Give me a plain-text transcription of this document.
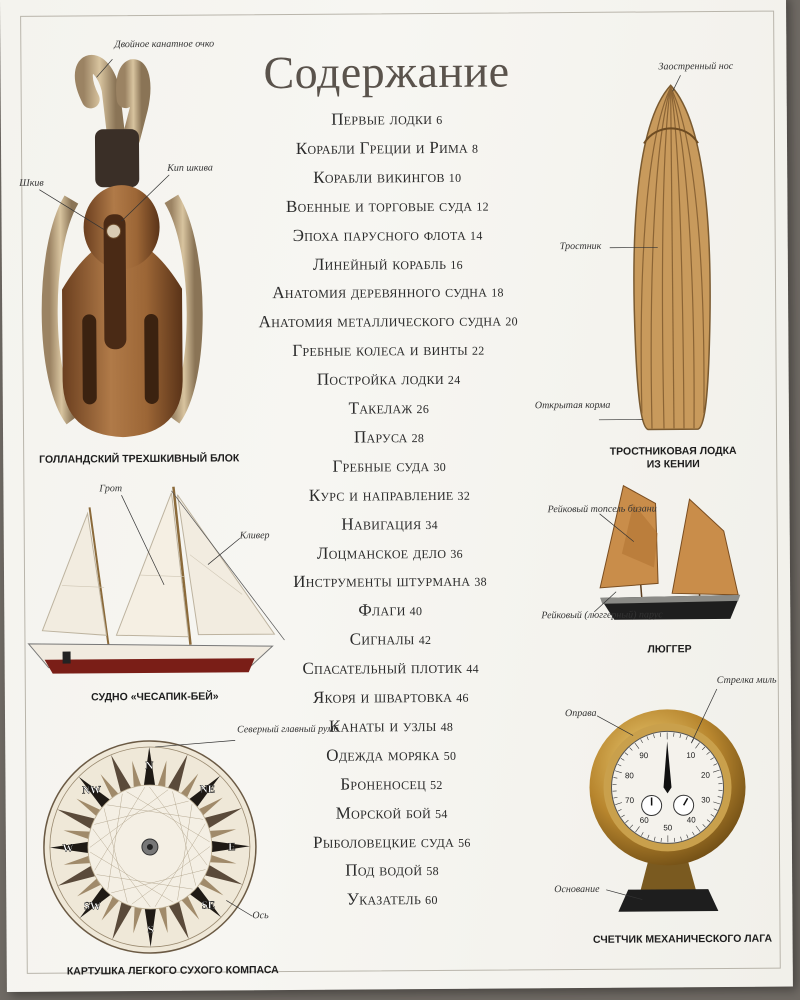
Содержание
Первые лодки 6
Корабли Греции и Рима 8
Корабли викингов 10
Военные и торговые суда 12
Эпоха парусного флота 14
Линейный корабль 16
Анатомия деревянного судна 18
Анатомия металлического судна 20
Гребные колеса и винты 22
Постройка лодки 24
Такелаж 26
Паруса 28
Гребные суда 30
Курс и направление 32
Навигация 34
Лоцманское дело 36
Инструменты штурмана 38
Флаги 40
Сигналы 42
Спасательный плотик 44
Якоря и швартовка 46
Канаты и узлы 48
Одежда моряка 50
Броненосец 52
Морской бой 54
Рыболовецкие суда 56
Под водой 58
Указатель 60
Двойное канатное очко
Шкив
Кип шкива
ГОЛЛАНДСКИЙ ТРЕХШКИВНЫЙ БЛОК
Заостренный нос
Тростник
Открытая корма
ТРОСТНИКОВАЯ ЛОДКА ИЗ КЕНИИ
Грот
Кливер
СУДНО «ЧЕСАПИК-БЕЙ»
Рейковый топсель бизани
Рейковый (люггерный) парус
ЛЮГГЕР
N
NE
E
SE
S
SW
W
NW
Северный главный румб
Ось
КАРТУШКА ЛЕГКОГО СУХОГО КОМПАСА
10
20
30
40
50
60
70
80
90
Оправа
Стрелка миль
Основание
СЧЕТЧИК МЕХАНИЧЕСКОГО ЛАГА
